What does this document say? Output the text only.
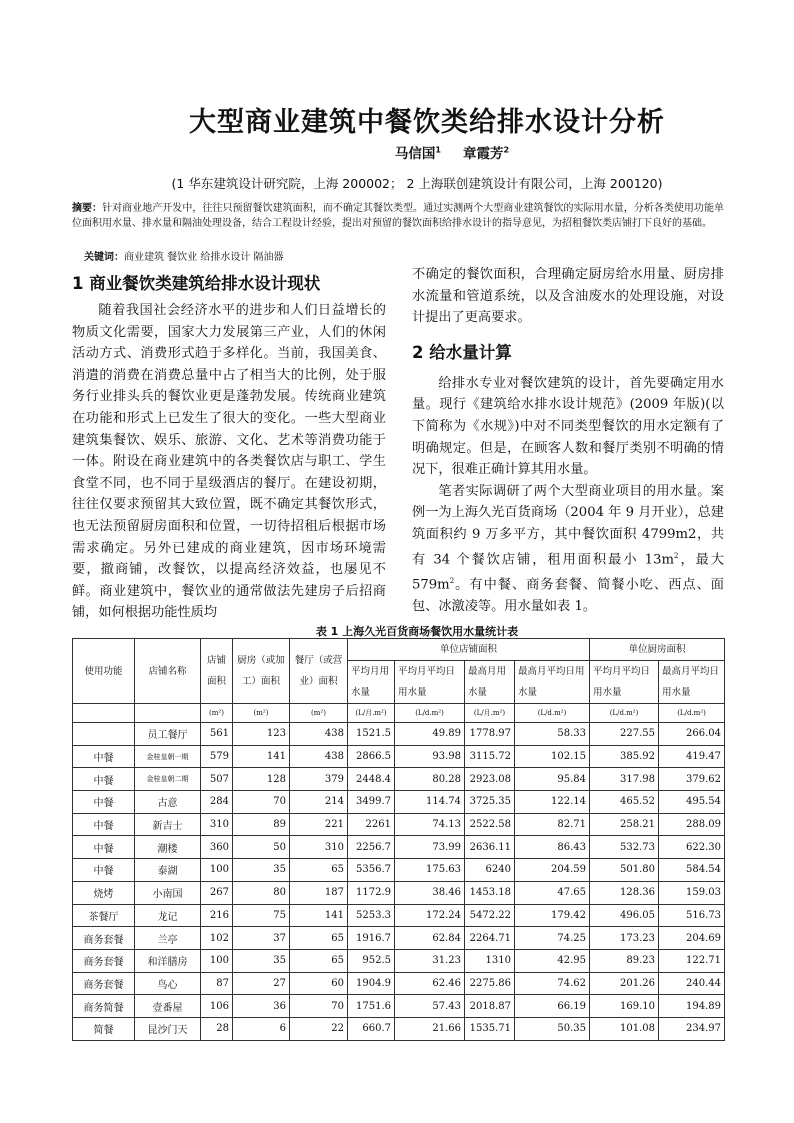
大型商业建筑中餐饮类给排水设计分析
马信国$^1$ 章霞芳$^2$
(1 华东建筑设计研究院，上海 200002； 2 上海联创建筑设计有限公司，上海 200120)
摘要：针对商业地产开发中，往往只预留餐饮建筑面积，而不确定其餐饮类型。通过实测两个大型商业建筑餐饮的实际用水量，分析各类使用功能单位面积用水量、排水量和隔油处理设备，结合工程设计经验，提出对预留的餐饮面积给排水设计的指导意见，为招租餐饮类店铺打下良好的基础。
关键词：商业建筑 餐饮业 给排水设计 隔油器
1 商业餐饮类建筑给排水设计现状

随着我国社会经济水平的进步和人们日益增长的物质文化需要，国家大力发展第三产业，人们的休闲活动方式、消费形式趋于多样化。当前，我国美食、消遣的消费在消费总量中占了相当大的比例，处于服务行业排头兵的餐饮业更是蓬勃发展。传统商业建筑在功能和形式上已发生了很大的变化。一些大型商业建筑集餐饮、娱乐、旅游、文化、艺术等消费功能于一体。附设在商业建筑中的各类餐饮店与职工、学生食堂不同，也不同于星级酒店的餐厅。在建设初期，往往仅要求预留其大致位置，既不确定其餐饮形式，也无法预留厨房面积和位置，一切待招租后根据市场需求确定。另外已建成的商业建筑，因市场环境需要，撤商铺，改餐饮，以提高经济效益，也屡见不鲜。商业建筑中，餐饮业的通常做法先建房子后招商铺，如何根据功能性质均

不确定的餐饮面积，合理确定厨房给水用量、厨房排水流量和管道系统，以及含油废水的处理设施，对设计提出了更高要求。

2 给水量计算

给排水专业对餐饮建筑的设计，首先要确定用水量。现行《建筑给水排水设计规范》(2009 年版)(以下简称为《水规》)中对不同类型餐饮的用水定额有了明确规定。但是，在顾客人数和餐厅类别不明确的情况下，很难正确计算其用水量。

笔者实际调研了两个大型商业项目的用水量。案例一为上海久光百货商场（2004 年 9 月开业），总建筑面积约 9 万多平方，其中餐饮面积 4799m2，共有 34 个餐饮店铺，租用面积最小 $13m^2$，最大 $579m^2$。有中餐、商务套餐、简餐小吃、西点、面包、冰激凌等。用水量如表 1。

表 1 上海久光百货商场餐饮用水量统计表
使用功能	店铺名称	店铺面积	厨房（或加工）面积	餐厅（或营业）面积	单位店铺面积				单位厨房面积	
					平均月用水量	平均月平均日用水量	最高月用水量	最高月平均日用水量	平均月平均日用水量	最高月平均日用水量
		(m²)	(m²)	(m²)	(L/月.m²)	(L/d.m²)	(L/月.m²)	(L/d.m²)	(L/d.m²)	(L/d.m²)
	员工餐厅	561	123	438	1521.5	49.89	1778.97	58.33	227.55	266.04
中餐	金桂皇朝一期	579	141	438	2866.5	93.98	3115.72	102.15	385.92	419.47
中餐	金桂皇朝二期	507	128	379	2448.4	80.28	2923.08	95.84	317.98	379.62
中餐	古意	284	70	214	3499.7	114.74	3725.35	122.14	465.52	495.54
中餐	新吉士	310	89	221	2261	74.13	2522.58	82.71	258.21	288.09
中餐	潮楼	360	50	310	2256.7	73.99	2636.11	86.43	532.73	622.30
中餐	泰湖	100	35	65	5356.7	175.63	6240	204.59	501.80	584.54
烧烤	小南国	267	80	187	1172.9	38.46	1453.18	47.65	128.36	159.03
茶餐厅	龙记	216	75	141	5253.3	172.24	5472.22	179.42	496.05	516.73
商务套餐	兰亭	102	37	65	1916.7	62.84	2264.71	74.25	173.23	204.69
商务套餐	和洋膳房	100	35	65	952.5	31.23	1310	42.95	89.23	122.71
商务套餐	鸟心	87	27	60	1904.9	62.46	2275.86	74.62	201.26	240.44
商务简餐	壹番屋	106	36	70	1751.6	57.43	2018.87	66.19	169.10	194.89
简餐	昆沙门天	28	6	22	660.7	21.66	1535.71	50.35	101.08	234.97
